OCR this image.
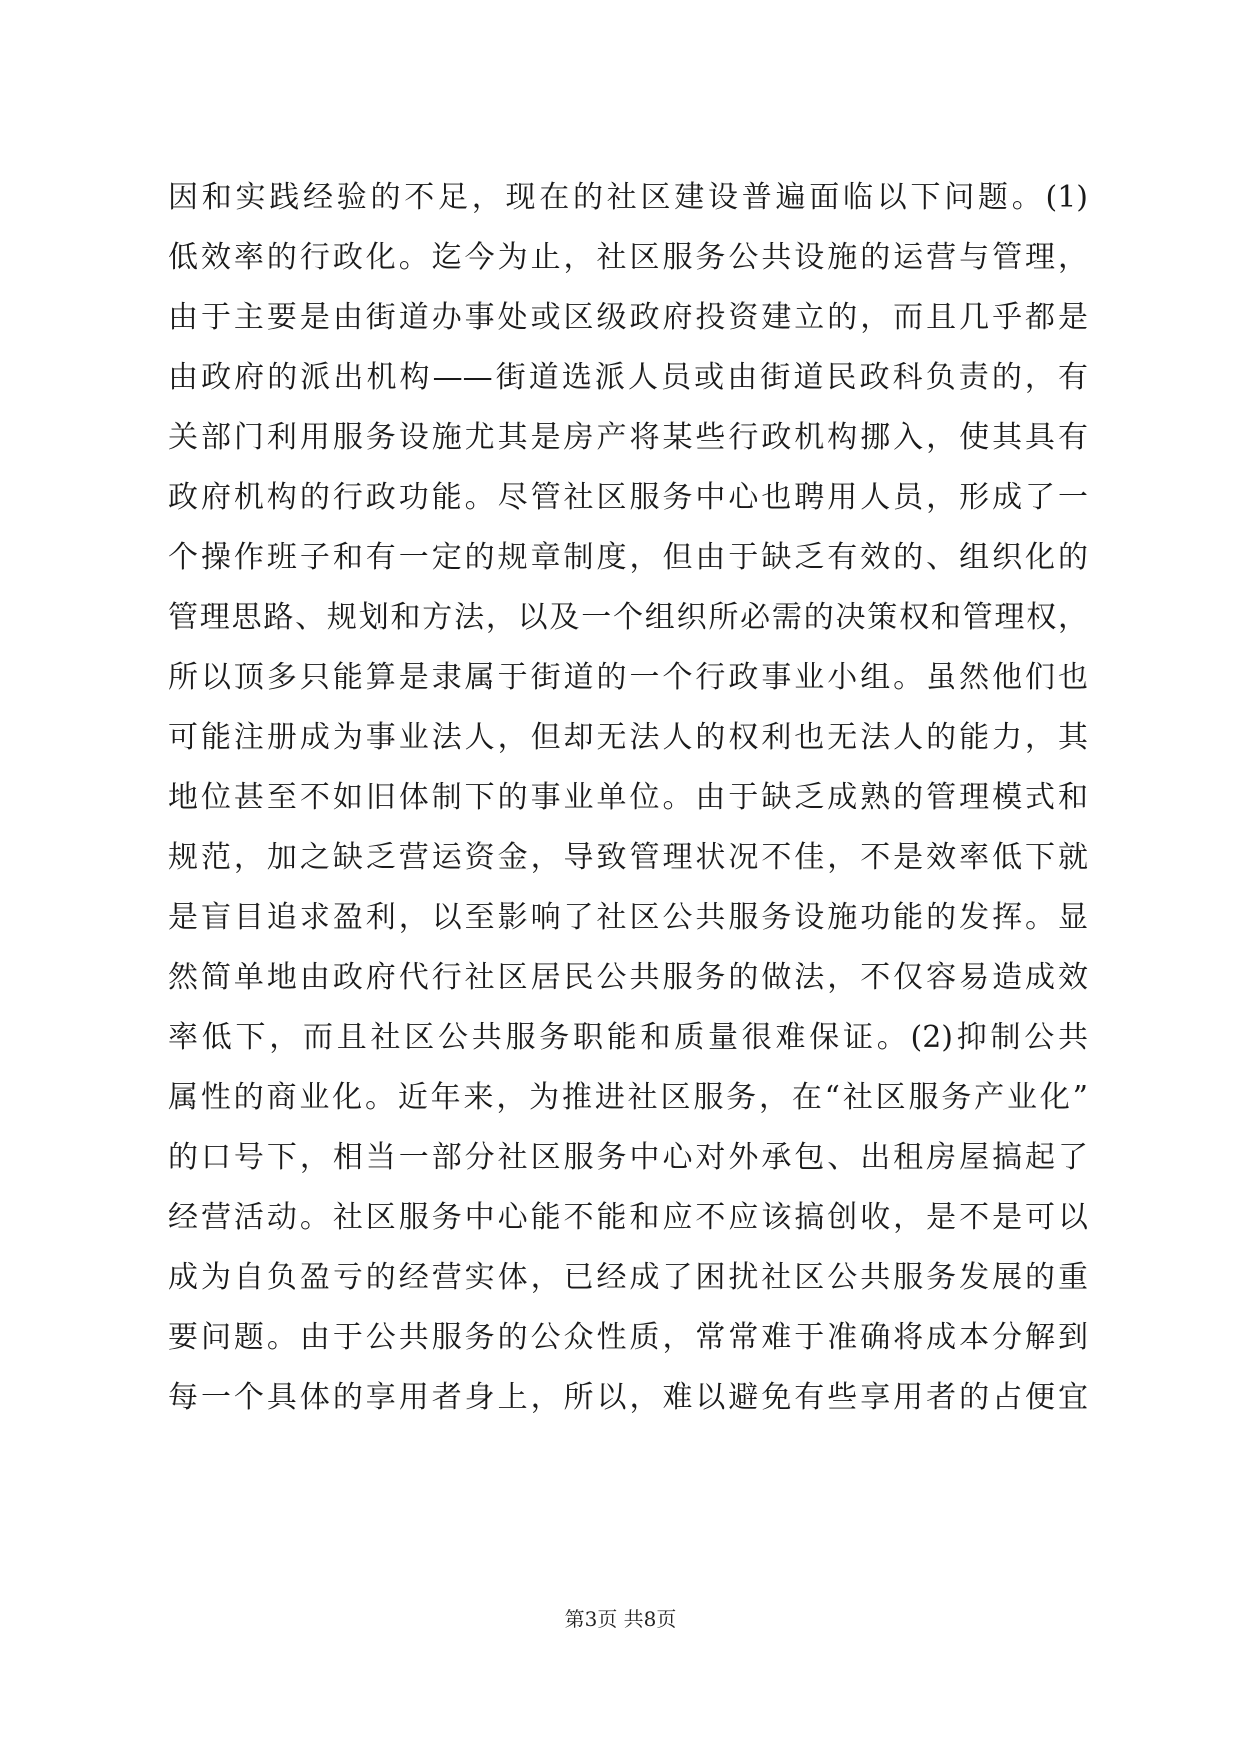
因和实践经验的不足，现在的社区建设普遍面临以下问题。(1)
低效率的行政化。迄今为止，社区服务公共设施的运营与管理，
由于主要是由街道办事处或区级政府投资建立的，而且几乎都是
由政府的派出机构——街道选派人员或由街道民政科负责的，有
关部门利用服务设施尤其是房产将某些行政机构挪入，使其具有
政府机构的行政功能。尽管社区服务中心也聘用人员，形成了一
个操作班子和有一定的规章制度，但由于缺乏有效的、组织化的
管理思路、规划和方法，以及一个组织所必需的决策权和管理权，
所以顶多只能算是隶属于街道的一个行政事业小组。虽然他们也
可能注册成为事业法人，但却无法人的权利也无法人的能力，其
地位甚至不如旧体制下的事业单位。由于缺乏成熟的管理模式和
规范，加之缺乏营运资金，导致管理状况不佳，不是效率低下就
是盲目追求盈利，以至影响了社区公共服务设施功能的发挥。显
然简单地由政府代行社区居民公共服务的做法，不仅容易造成效
率低下，而且社区公共服务职能和质量很难保证。(2)抑制公共
属性的商业化。近年来，为推进社区服务，在“社区服务产业化”
的口号下，相当一部分社区服务中心对外承包、出租房屋搞起了
经营活动。社区服务中心能不能和应不应该搞创收，是不是可以
成为自负盈亏的经营实体，已经成了困扰社区公共服务发展的重
要问题。由于公共服务的公众性质，常常难于准确将成本分解到
每一个具体的享用者身上，所以，难以避免有些享用者的占便宜
第3页 共8页
